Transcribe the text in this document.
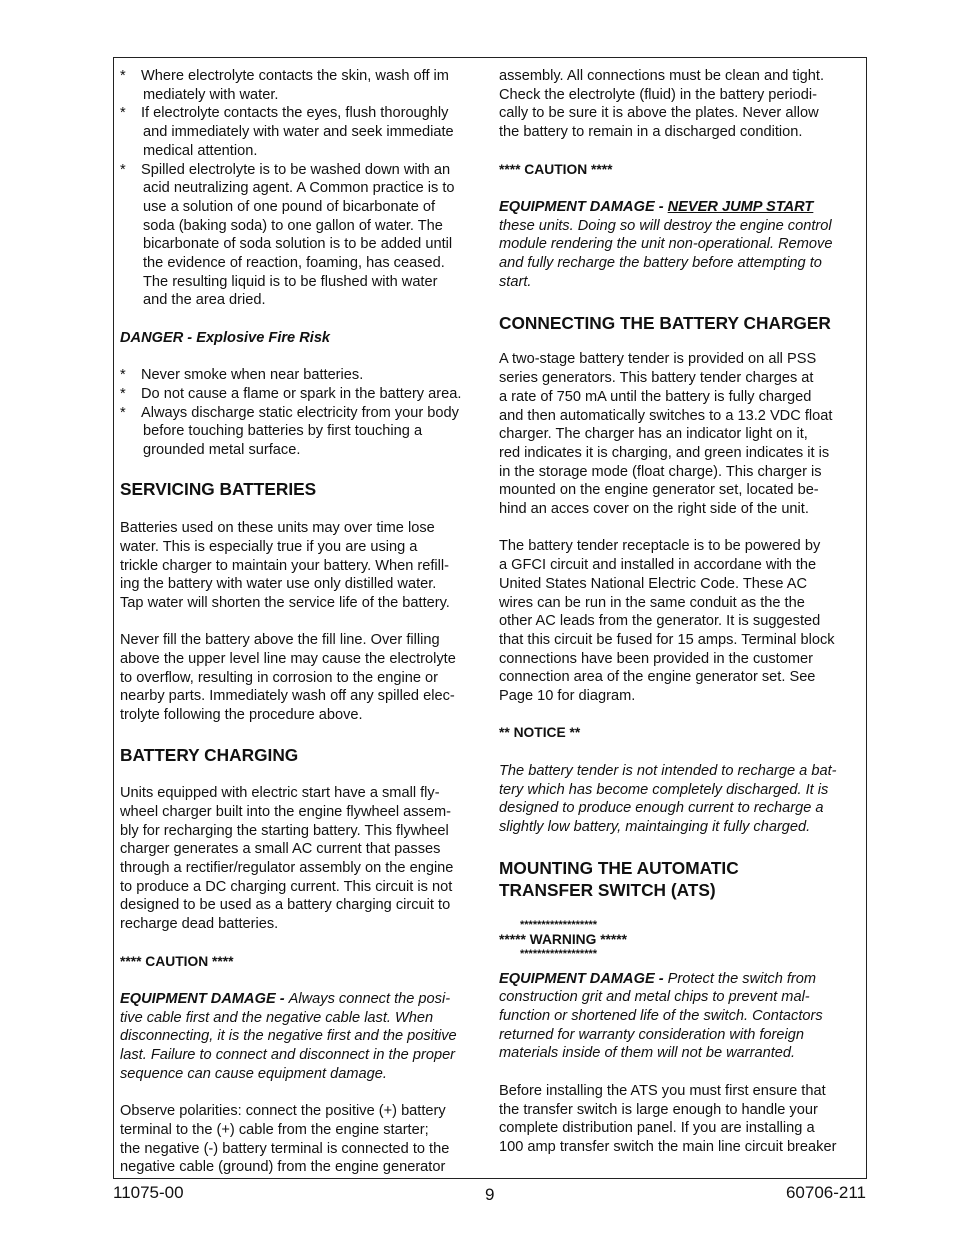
* Where electrolyte contacts the skin, wash off im
mediately with water.
* If electrolyte contacts the eyes, flush thoroughly
and immediately with water and seek immediate
medical attention.
* Spilled electrolyte is to be washed down with an
acid neutralizing agent. A Common practice is to
use a solution of one pound of bicarbonate of
soda (baking soda) to one gallon of water. The
bicarbonate of soda solution is to be added until
the evidence of reaction, foaming, has ceased.
The resulting liquid is to be flushed with water
and the area dried.

DANGER - Explosive Fire Risk

* Never smoke when near batteries.
* Do not cause a flame or spark in the battery area.
* Always discharge static electricity from your body
before touching batteries by first touching a
grounded metal surface.
SERVICING BATTERIES
Batteries used on these units may over time lose
water. This is especially true if you are using a
trickle charger to maintain your battery. When refill-
ing the battery with water use only distilled water.
Tap water will shorten the service life of the battery.
Never fill the battery above the fill line. Over filling
above the upper level line may cause the electrolyte
to overflow, resulting in corrosion to the engine or
nearby parts. Immediately wash off any spilled elec-
trolyte following the procedure above.
BATTERY CHARGING
Units equipped with electric start have a small fly-
wheel charger built into the engine flywheel assem-
bly for recharging the starting battery. This flywheel
charger generates a small AC current that passes
through a rectifier/regulator assembly on the engine
to produce a DC charging current. This circuit is not
designed to be used as a battery charging circuit to
recharge dead batteries.

**** CAUTION ****

EQUIPMENT DAMAGE - Always connect the posi-

tive cable first and the negative cable last. When
disconnecting, it is the negative first and the positive
last. Failure to connect and disconnect in the proper
sequence can cause equipment damage.
Observe polarities: connect the positive (+) battery
terminal to the (+) cable from the engine starter;
the negative (-) battery terminal is connected to the
negative cable (ground) from the engine generator
assembly. All connections must be clean and tight.
Check the electrolyte (fluid) in the battery periodi-
cally to be sure it is above the plates. Never allow
the battery to remain in a discharged condition.

**** CAUTION ****

EQUIPMENT DAMAGE - NEVER JUMP START

these units. Doing so will destroy the engine control
module rendering the unit non-operational. Remove
and fully recharge the battery before attempting to
start.
CONNECTING THE BATTERY CHARGER
A two-stage battery tender is provided on all PSS
series generators. This battery tender charges at
a rate of 750 mA until the battery is fully charged
and then automatically switches to a 13.2 VDC float
charger. The charger has an indicator light on it,
red indicates it is charging, and green indicates it is
in the storage mode (float charge). This charger is
mounted on the engine generator set, located be-
hind an acces cover on the right side of the unit.
The battery tender receptacle is to be powered by
a GFCI circuit and installed in accordane with the
United States National Electric Code. These AC
wires can be run in the same conduit as the the
other AC leads from the generator. It is suggested
that this circuit be fused for 15 amps. Terminal block
connections have been provided in the customer
connection area of the engine generator set. See
Page 10 for diagram.

** NOTICE **

The battery tender is not intended to recharge a bat-
tery which has become completely discharged. It is
designed to produce enough current to recharge a
slightly low battery, maintainging it fully charged.
MOUNTING THE AUTOMATIC
TRANSFER SWITCH (ATS)

******************

***** WARNING *****

******************

EQUIPMENT DAMAGE - Protect the switch from

construction grit and metal chips to prevent mal-
function or shortened life of the switch. Contactors
returned for warranty consideration with foreign
materials inside of them will not be warranted.
Before installing the ATS you must first ensure that
the transfer switch is large enough to handle your
complete distribution panel. If you are installing a
100 amp transfer switch the main line circuit breaker
11075-00	9	60706-211
